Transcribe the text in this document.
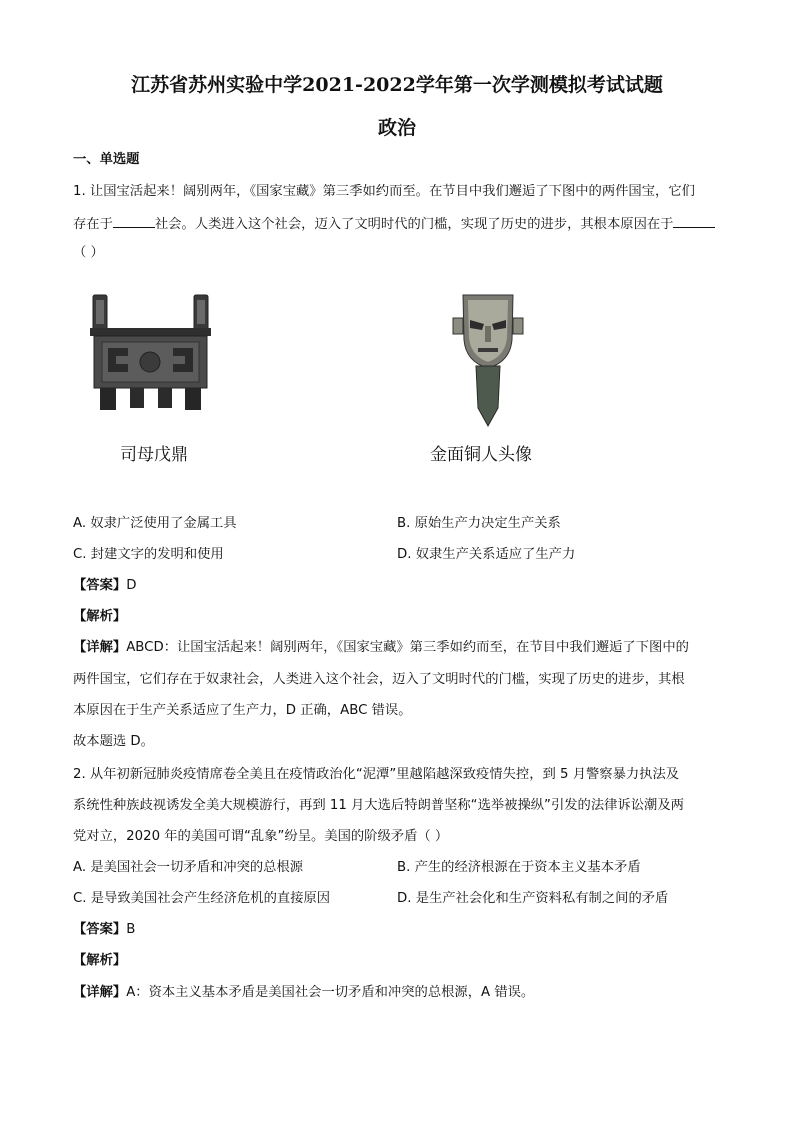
江苏省苏州实验中学2021-2022学年第一次学测模拟考试试题
政治
一、单选题
1. 让国宝活起来！阔别两年，《国家宝藏》第三季如约而至。在节目中我们邂逅了下图中的两件国宝，它们
存在于	社会。人类进入这个社会，迈入了文明时代的门槛，实现了历史的进步，其根本原因在于
（ ）
司母戊鼎	金面铜人头像
A. 奴隶广泛使用了金属工具	B. 原始生产力决定生产关系
C. 封建文字的发明和使用	D. 奴隶生产关系适应了生产力
【答案】D
【解析】
【详解】ABCD：让国宝活起来！阔别两年，《国家宝藏》第三季如约而至，在节目中我们邂逅了下图中的
两件国宝，它们存在于奴隶社会，人类进入这个社会，迈入了文明时代的门槛，实现了历史的进步，其根
本原因在于生产关系适应了生产力，D 正确，ABC 错误。
故本题选 D。
2. 从年初新冠肺炎疫情席卷全美且在疫情政治化“泥潭”里越陷越深致疫情失控，到 5 月警察暴力执法及
系统性种族歧视诱发全美大规模游行，再到 11 月大选后特朗普坚称“选举被操纵”引发的法律诉讼潮及两
党对立，2020 年的美国可谓“乱象”纷呈。美国的阶级矛盾（ ）
A. 是美国社会一切矛盾和冲突的总根源	B. 产生的经济根源在于资本主义基本矛盾
C. 是导致美国社会产生经济危机的直接原因	D. 是生产社会化和生产资料私有制之间的矛盾
【答案】B
【解析】
【详解】A：资本主义基本矛盾是美国社会一切矛盾和冲突的总根源，A 错误。
